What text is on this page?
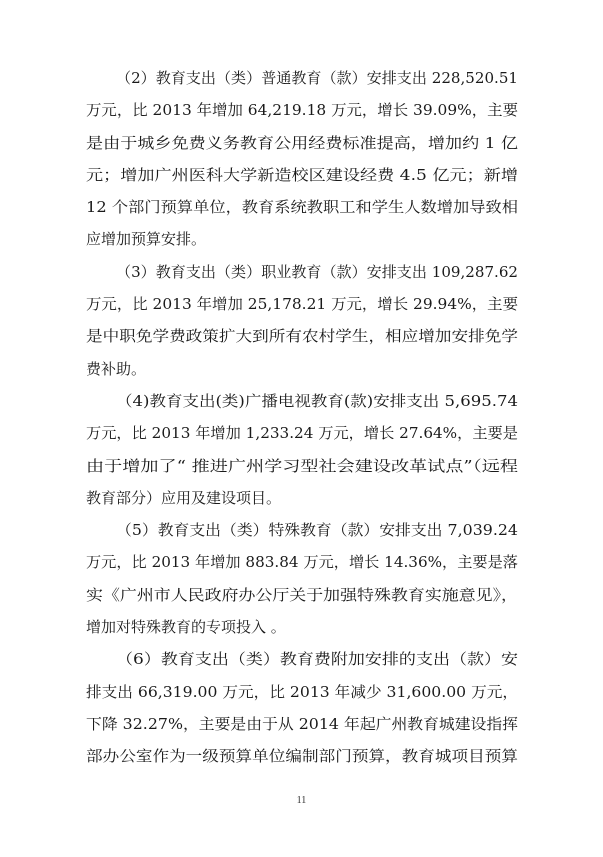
（2）教育支出（类）普通教育（款）安排支出 228,520.51
万元，比 2013 年增加 64,219.18 万元，增长 39.09%，主要
是由于城乡免费义务教育公用经费标准提高，增加约 1 亿
元；增加广州医科大学新造校区建设经费 4.5 亿元；新增
12 个部门预算单位，教育系统教职工和学生人数增加导致相
应增加预算安排。
（3）教育支出（类）职业教育（款）安排支出 109,287.62
万元，比 2013 年增加 25,178.21 万元，增长 29.94%，主要
是中职免学费政策扩大到所有农村学生，相应增加安排免学
费补助。
（4)教育支出(类)广播电视教育(款)安排支出 5,695.74
万元，比 2013 年增加 1,233.24 万元，增长 27.64%，主要是
由于增加了“ 推进广州学习型社会建设改革试点”（远程
教育部分）应用及建设项目。
（5）教育支出（类）特殊教育（款）安排支出 7,039.24
万元，比 2013 年增加 883.84 万元，增长 14.36%，主要是落
实《广州市人民政府办公厅关于加强特殊教育实施意见》，
增加对特殊教育的专项投入 。
（6）教育支出（类）教育费附加安排的支出（款）安
排支出 66,319.00 万元，比 2013 年减少 31,600.00 万元，
下降 32.27%，主要是由于从 2014 年起广州教育城建设指挥
部办公室作为一级预算单位编制部门预算，教育城项目预算
11
